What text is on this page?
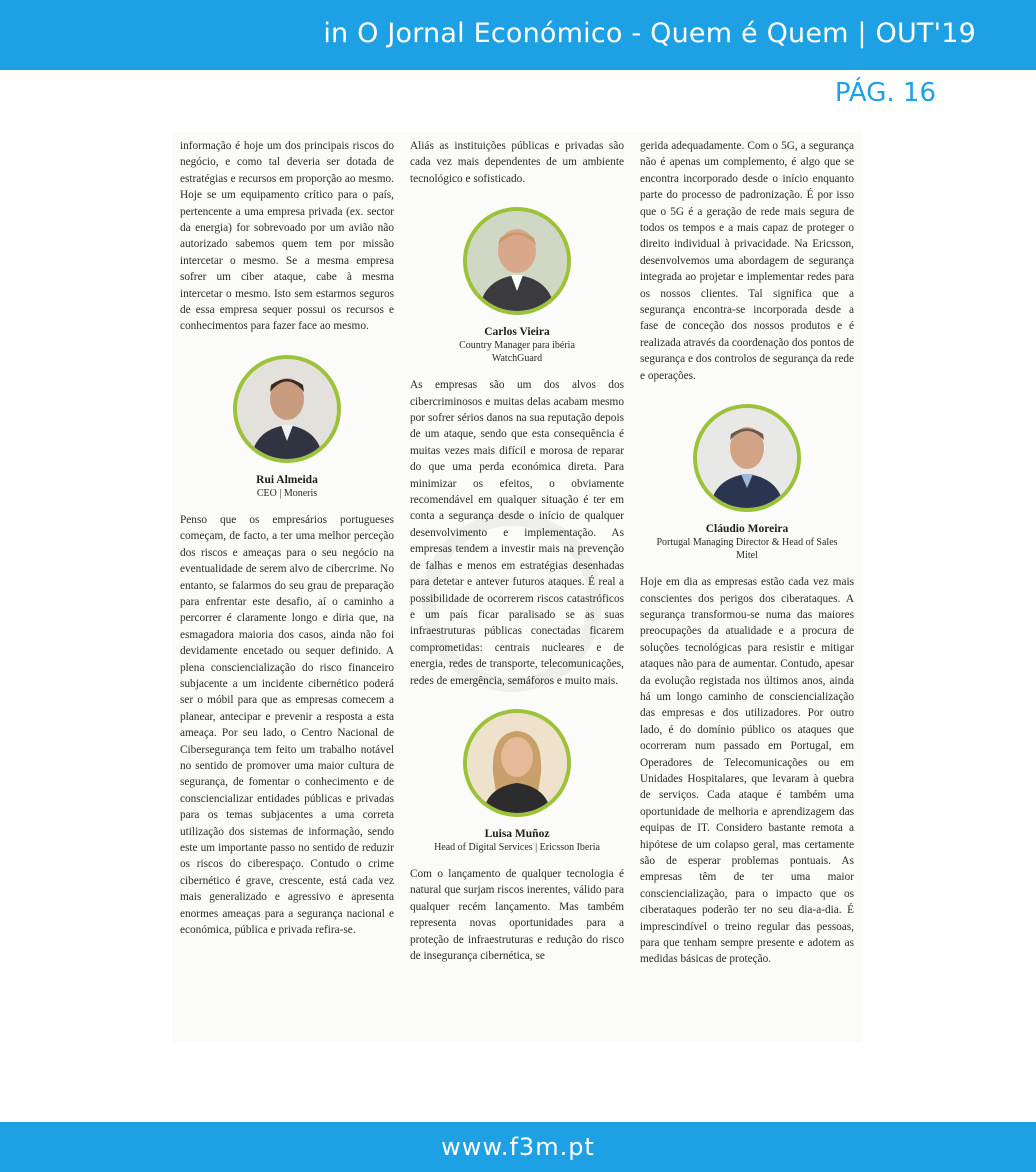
in O Jornal Económico - Quem é Quem | OUT'19
PÁG. 16

informação é hoje um dos principais riscos do negócio, e como tal deveria ser dotada de estratégias e recursos em proporção ao mesmo. Hoje se um equipamento crítico para o país, pertencente a uma empresa privada (ex. sector da energia) for sobrevoado por um avião não autorizado sabemos quem tem por missão intercetar o mesmo. Se a mesma empresa sofrer um ciber ataque, cabe à mesma intercetar o mesmo. Isto sem estarmos seguros de essa empresa sequer possui os recursos e conhecimentos para fazer face ao mesmo.

Rui Almeida
CEO | Moneris

Penso que os empresários portugueses começam, de facto, a ter uma melhor perceção dos riscos e ameaças para o seu negócio na eventualidade de serem alvo de cibercrime. No entanto, se falarmos do seu grau de preparação para enfrentar este desafio, aí o caminho a percorrer é claramente longo e diria que, na esmagadora maioria dos casos, ainda não foi devidamente encetado ou sequer definido. A plena consciencialização do risco financeiro subjacente a um incidente cibernético poderá ser o móbil para que as empresas comecem a planear, antecipar e prevenir a resposta a esta ameaça. Por seu lado, o Centro Nacional de Cibersegurança tem feito um trabalho notável no sentido de promover uma maior cultura de segurança, de fomentar o conhecimento e de consciencializar entidades públicas e privadas para os temas subjacentes a uma correta utilização dos sistemas de informação, sendo este um importante passo no sentido de reduzir os riscos do ciberespaço. Contudo o crime cibernético é grave, crescente, está cada vez mais generalizado e agressivo e apresenta enormes ameaças para a segurança nacional e económica, pública e privada refira-se.

Aliás as instituições públicas e privadas são cada vez mais dependentes de um ambiente tecnológico e sofisticado.

Carlos Vieira
Country Manager para ibéria
WatchGuard

As empresas são um dos alvos dos cibercriminosos e muitas delas acabam mesmo por sofrer sérios danos na sua reputação depois de um ataque, sendo que esta consequência é muitas vezes mais difícil e morosa de reparar do que uma perda económica direta. Para minimizar os efeitos, o obviamente recomendável em qualquer situação é ter em conta a segurança desde o início de qualquer desenvolvimento e implementação. As empresas tendem a investir mais na prevenção de falhas e menos em estratégias desenhadas para detetar e antever futuros ataques. É real a possibilidade de ocorrerem riscos catastróficos e um país ficar paralisado se as suas infraestruturas públicas conectadas ficarem comprometidas: centrais nucleares e de energia, redes de transporte, telecomunicações, redes de emergência, semáforos e muito mais.

Luisa Muñoz
Head of Digital Services | Ericsson Iberia

Com o lançamento de qualquer tecnologia é natural que surjam riscos inerentes, válido para qualquer recém lançamento. Mas também representa novas oportunidades para a proteção de infraestruturas e redução do risco de insegurança cibernética, se

gerida adequadamente. Com o 5G, a segurança não é apenas um complemento, é algo que se encontra incorporado desde o início enquanto parte do processo de padronização. É por isso que o 5G é a geração de rede mais segura de todos os tempos e a mais capaz de proteger o direito individual à privacidade. Na Ericsson, desenvolvemos uma abordagem de segurança integrada ao projetar e implementar redes para os nossos clientes. Tal significa que a segurança encontra-se incorporada desde a fase de conceção dos nossos produtos e é realizada através da coordenação dos pontos de segurança e dos controlos de segurança da rede e operações.

Cláudio Moreira
Portugal Managing Director & Head of Sales
Mitel

Hoje em dia as empresas estão cada vez mais conscientes dos perigos dos ciberataques. A segurança transformou-se numa das maiores preocupações da atualidade e a procura de soluções tecnológicas para resistir e mitigar ataques não para de aumentar. Contudo, apesar da evolução registada nos últimos anos, ainda há um longo caminho de consciencialização das empresas e dos utilizadores. Por outro lado, é do domínio público os ataques que ocorreram num passado em Portugal, em Operadores de Telecomunicações ou em Unidades Hospitalares, que levaram à quebra de serviços. Cada ataque é também uma oportunidade de melhoria e aprendizagem das equipas de IT. Considero bastante remota a hipótese de um colapso geral, mas certamente são de esperar problemas pontuais. As empresas têm de ter uma maior consciencialização, para o impacto que os ciberataques poderão ter no seu dia-a-dia. É imprescindível o treino regular das pessoas, para que tenham sempre presente e adotem as medidas básicas de proteção.

www.f3m.pt
